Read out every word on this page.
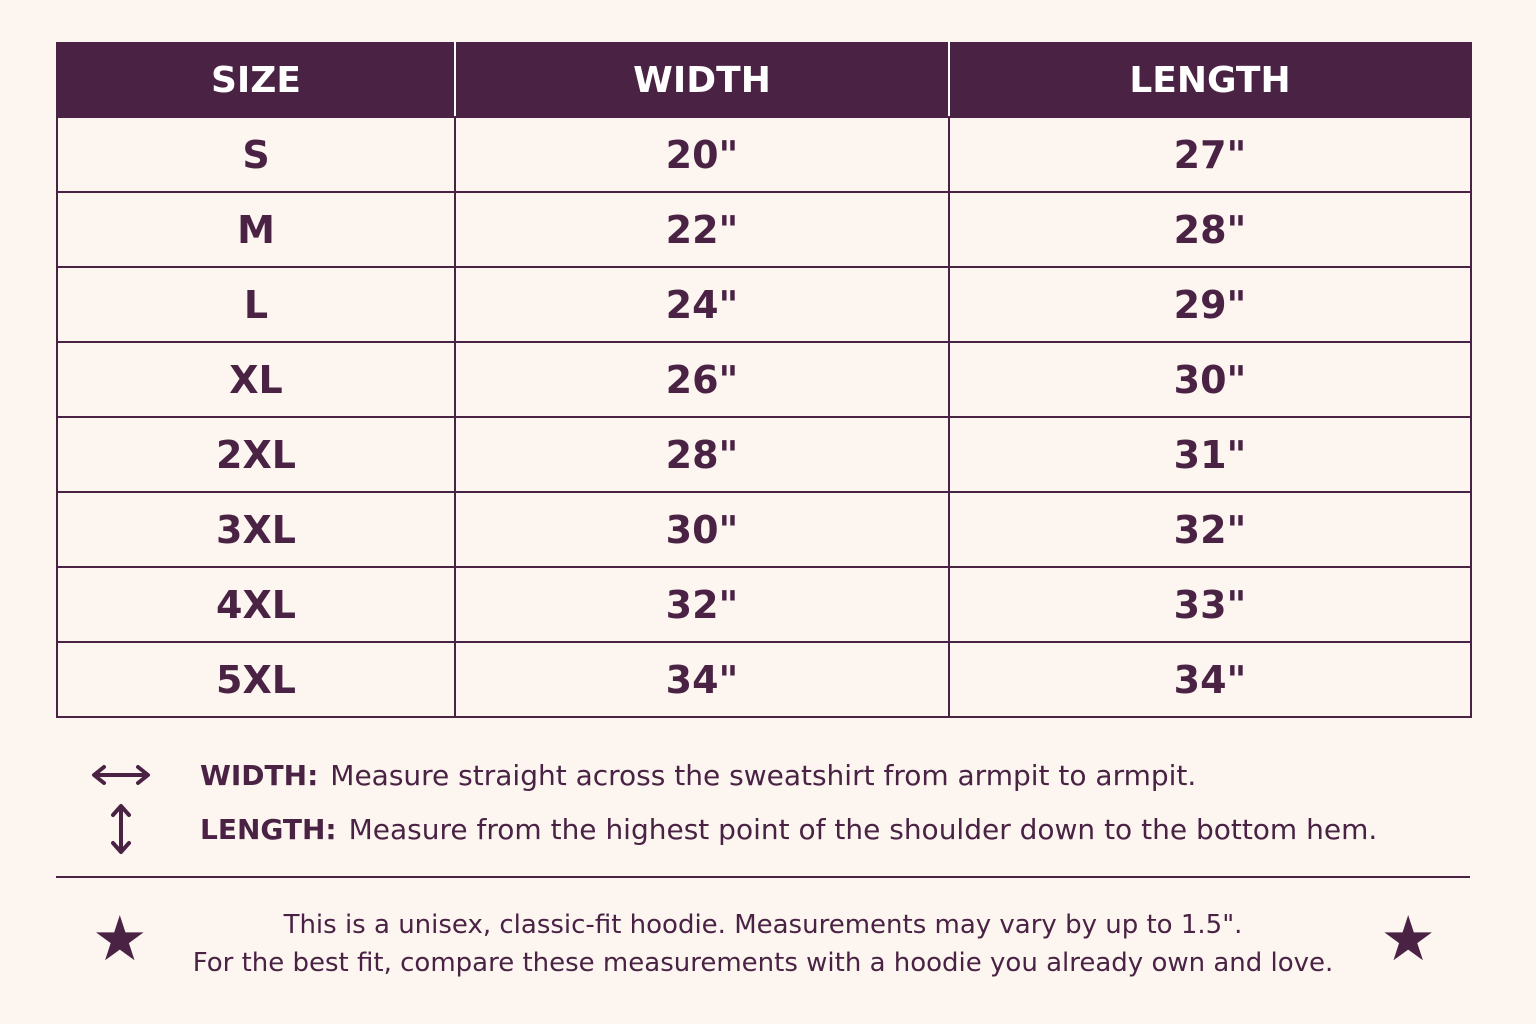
SIZE	WIDTH	LENGTH
S	20"	27"
M	22"	28"
L	24"	29"
XL	26"	30"
2XL	28"	31"
3XL	30"	32"
4XL	32"	33"
5XL	34"	34"
WIDTH: Measure straight across the sweatshirt from armpit to armpit.
LENGTH: Measure from the highest point of the shoulder down to the bottom hem.
★	This is a unisex, classic-fit hoodie. Measurements may vary by up to 1.5".
For the best fit, compare these measurements with a hoodie you already own and love. ★
